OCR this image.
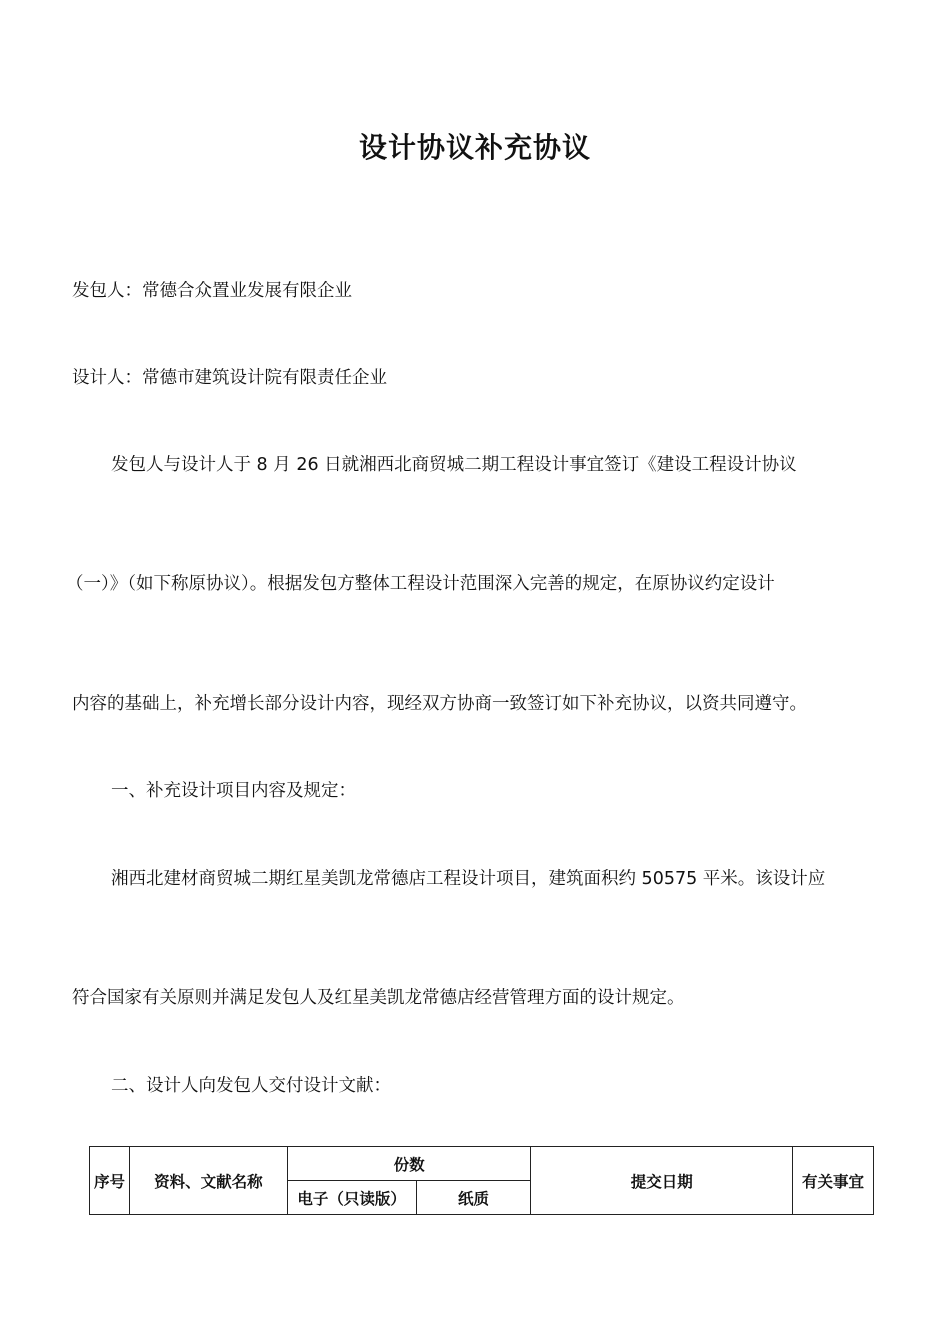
设计协议补充协议
发包人：常德合众置业发展有限企业
设计人：常德市建筑设计院有限责任企业
发包人与设计人于 8 月 26 日就湘西北商贸城二期工程设计事宜签订《建设工程设计协议
（一）》（如下称原协议）。根据发包方整体工程设计范围深入完善的规定，在原协议约定设计
内容的基础上，补充增长部分设计内容，现经双方协商一致签订如下补充协议，以资共同遵守。
一、补充设计项目内容及规定：
湘西北建材商贸城二期红星美凯龙常德店工程设计项目，建筑面积约 50575 平米。该设计应
符合国家有关原则并满足发包人及红星美凯龙常德店经营管理方面的设计规定。
二、设计人向发包人交付设计文献：
序号	资料、文献名称	份数		提交日期	有关事宜
		电子（只读版）	纸质		
